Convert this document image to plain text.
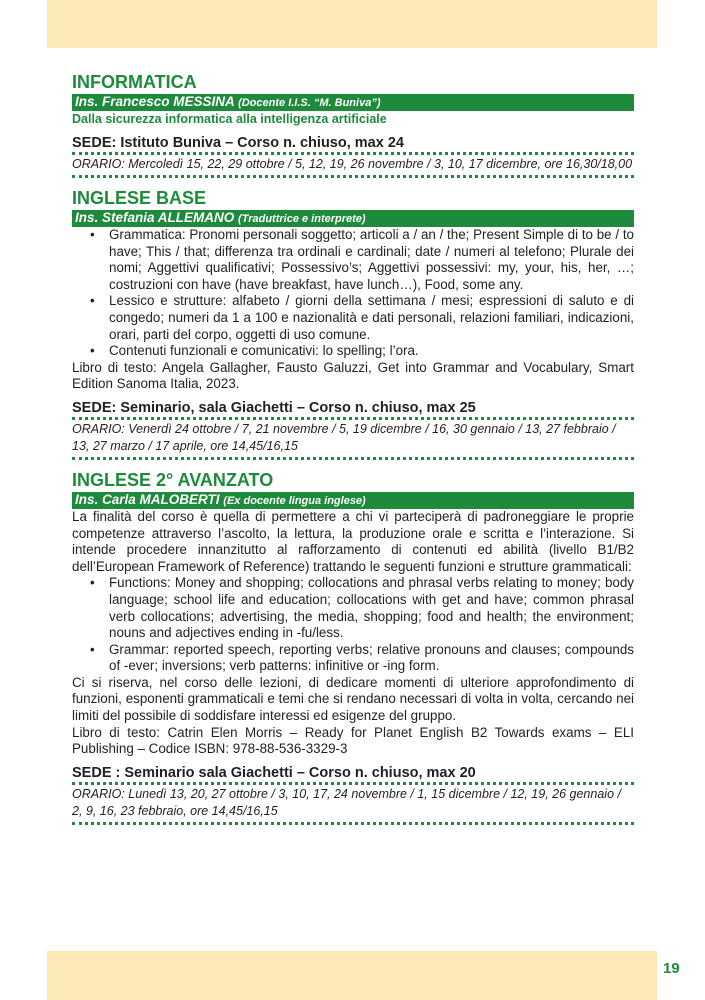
INFORMATICA
Ins. Francesco MESSINA (Docente I.I.S. “M. Buniva”)
Dalla sicurezza informatica alla intelligenza artificiale
SEDE: Istituto Buniva – Corso n. chiuso, max 24
ORARIO: Mercoledì 15, 22, 29 ottobre / 5, 12, 19, 26 novembre / 3, 10, 17 dicembre, ore 16,30/18,00
INGLESE BASE
Ins. Stefania ALLEMANO (Traduttrice e interprete)
• Grammatica: Pronomi personali soggetto; articoli a / an / the; Present Simple di to be / to have; This / that; differenza tra ordinali e cardinali; date / numeri al telefono; Plurale dei nomi; Aggettivi qualificativi; Possessivo’s; Aggettivi possessivi: my, your, his, her, …; costruzioni con have (have breakfast, have lunch…), Food, some any.
• Lessico e strutture: alfabeto / giorni della settimana / mesi; espressioni di saluto e di congedo; numeri da 1 a 100 e nazionalità e dati personali, relazioni familiari, indicazioni, orari, parti del corpo, oggetti di uso comune.
• Contenuti funzionali e comunicativi: lo spelling; l’ora.

Libro di testo: Angela Gallagher, Fausto Galuzzi, Get into Grammar and Vocabulary, Smart Edition Sanoma Italia, 2023.

SEDE: Seminario, sala Giachetti – Corso n. chiuso, max 25
ORARIO: Venerdì 24 ottobre / 7, 21 novembre / 5, 19 dicembre / 16, 30 gennaio / 13, 27 febbraio / 13, 27 marzo / 17 aprile, ore 14,45/16,15
INGLESE 2° AVANZATO
Ins. Carla MALOBERTI (Ex docente lingua inglese)

La finalità del corso è quella di permettere a chi vi parteciperà di padroneggiare le proprie competenze attraverso l’ascolto, la lettura, la produzione orale e scritta e l’interazione. Si intende procedere innanzitutto al rafforzamento di contenuti ed abilità (livello B1/B2 dell’European Framework of Reference) trattando le seguenti funzioni e strutture grammaticali:

• Functions: Money and shopping; collocations and phrasal verbs relating to money; body language; school life and education; collocations with get and have; common phrasal verb collocations; advertising, the media, shopping; food and health; the environment; nouns and adjectives ending in -fu/less.
• Grammar: reported speech, reporting verbs; relative pronouns and clauses; compounds of -ever; inversions; verb patterns: infinitive or -ing form.

Ci si riserva, nel corso delle lezioni, di dedicare momenti di ulteriore approfondimento di funzioni, esponenti grammaticali e temi che si rendano necessari di volta in volta, cercando nei limiti del possibile di soddisfare interessi ed esigenze del gruppo.

Libro di testo: Catrin Elen Morris – Ready for Planet English B2 Towards exams – ELI Publishing – Codice ISBN: 978-88-536-3329-3

SEDE : Seminario sala Giachetti – Corso n. chiuso, max 20
ORARIO: Lunedì 13, 20, 27 ottobre / 3, 10, 17, 24 novembre / 1, 15 dicembre / 12, 19, 26 gennaio / 2, 9, 16, 23 febbraio, ore 14,45/16,15
19
